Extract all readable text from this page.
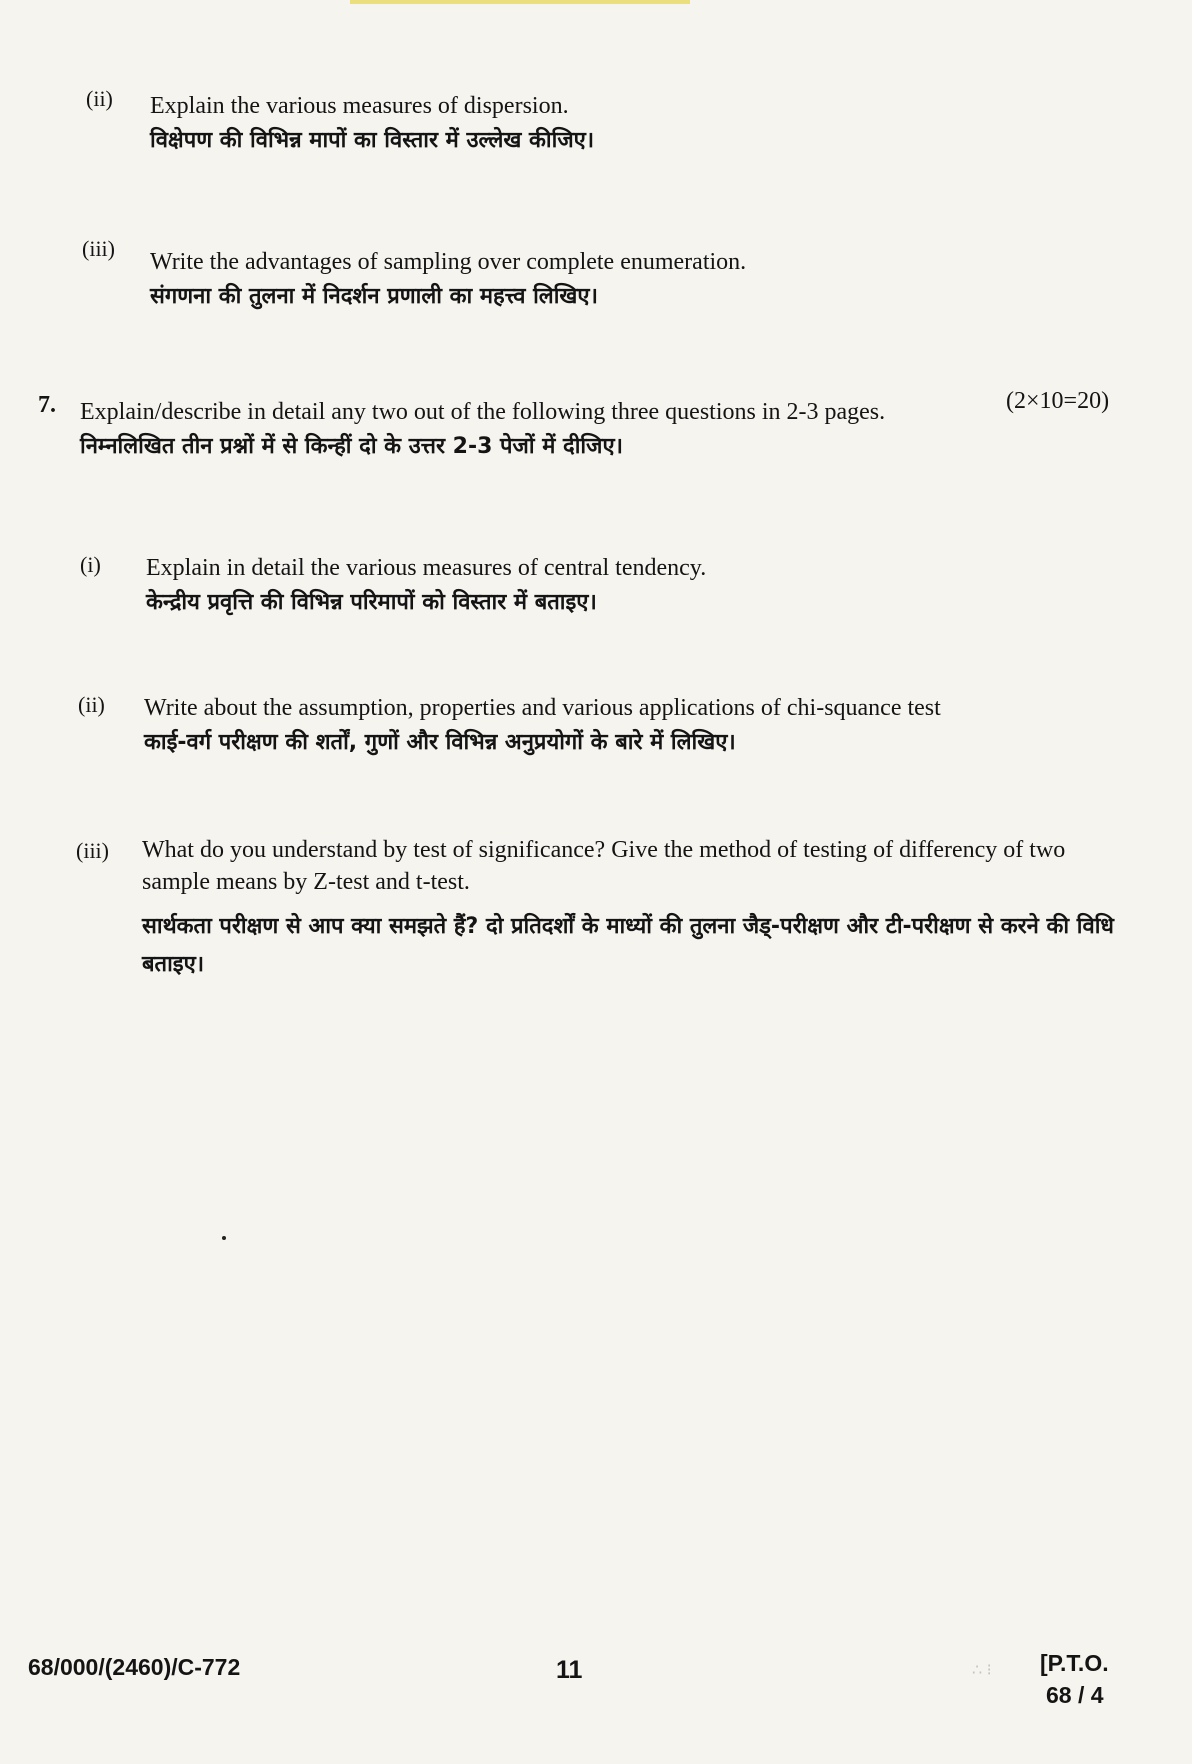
(ii) Explain the various measures of dispersion.
विक्षेपण की विभिन्न मापों का विस्तार में उल्लेख कीजिए।
(iii)
Write the advantages of sampling over complete enumeration.
संगणना की तुलना में निदर्शन प्रणाली का महत्त्व लिखिए।
7. Explain/describe in detail any two out of the following three questions in 2-3 pages.
निम्नलिखित तीन प्रश्नों में से किन्हीं दो के उत्तर 2-3 पेजों में दीजिए।
(2×10=20)
(i) Explain in detail the various measures of central tendency.
केन्द्रीय प्रवृत्ति की विभिन्न परिमापों को विस्तार में बताइए।
(ii) Write about the assumption, properties and various applications of chi-squance test
काई-वर्ग परीक्षण की शर्तों, गुणों और विभिन्न अनुप्रयोगों के बारे में लिखिए।
(iii) What do you understand by test of significance? Give the method of testing of differency of two sample means by Z-test and t-test.
सार्थकता परीक्षण से आप क्या समझते हैं? दो प्रतिदर्शों के माध्यों की तुलना जैड्-परीक्षण और टी-परीक्षण से करने की विधि बताइए।
68/000/(2460)/C-772	11	∴ ⁝ [P.T.O.
68 / 4
